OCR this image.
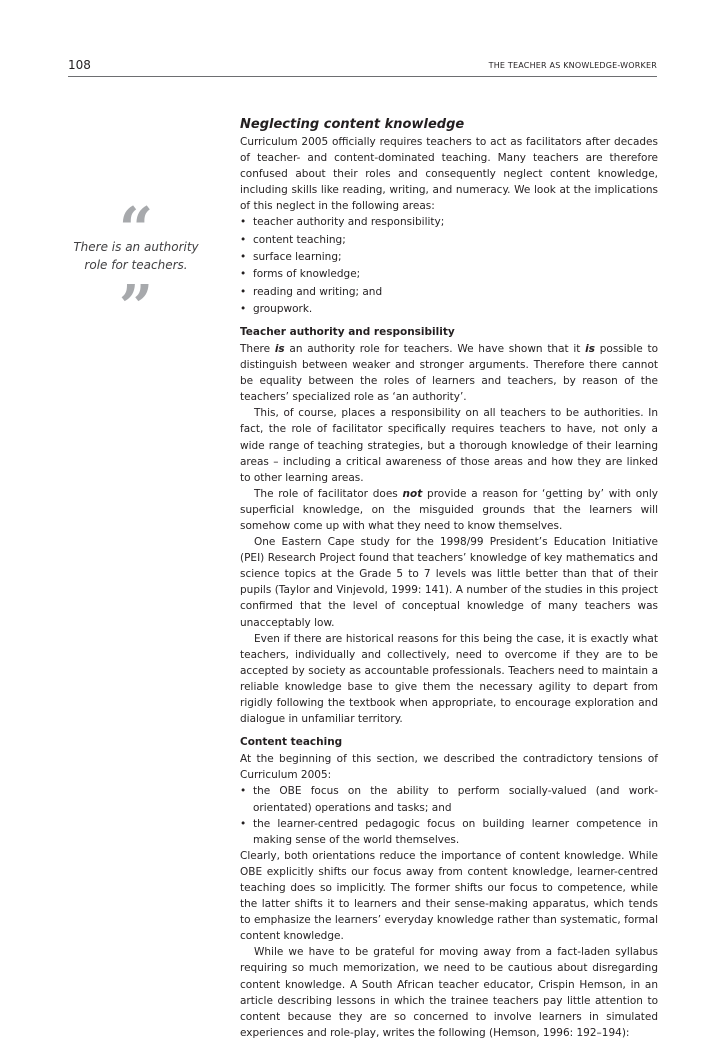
108	THE TEACHER AS KNOWLEDGE-WORKER
“
There is an authority role for teachers.
”
Neglecting content knowledge

Curriculum 2005 officially requires teachers to act as facilitators after decades of teacher- and content-dominated teaching. Many teachers are therefore confused about their roles and consequently neglect content knowledge, including skills like reading, writing, and numeracy. We look at the implications of this neglect in the following areas:

• teacher authority and responsibility;
• content teaching;
• surface learning;
• forms of knowledge;
• reading and writing; and
• groupwork.
Teacher authority and responsibility

There is an authority role for teachers. We have shown that it is possible to distinguish between weaker and stronger arguments. Therefore there cannot be equality between the roles of learners and teachers, by reason of the teachers’ specialized role as ‘an authority’.

This, of course, places a responsibility on all teachers to be authorities. In fact, the role of facilitator specifically requires teachers to have, not only a wide range of teaching strategies, but a thorough knowledge of their learning areas – including a critical awareness of those areas and how they are linked to other learning areas.

The role of facilitator does not provide a reason for ‘getting by’ with only superficial knowledge, on the misguided grounds that the learners will somehow come up with what they need to know themselves.

One Eastern Cape study for the 1998/99 President’s Education Initiative (PEI) Research Project found that teachers’ knowledge of key mathematics and science topics at the Grade 5 to 7 levels was little better than that of their pupils (Taylor and Vinjevold, 1999: 141). A number of the studies in this project confirmed that the level of conceptual knowledge of many teachers was unacceptably low.

Even if there are historical reasons for this being the case, it is exactly what teachers, individually and collectively, need to overcome if they are to be accepted by society as accountable professionals. Teachers need to maintain a reliable knowledge base to give them the necessary agility to depart from rigidly following the textbook when appropriate, to encourage exploration and dialogue in unfamiliar territory.

Content teaching

At the beginning of this section, we described the contradictory tensions of Curriculum 2005:

• the OBE focus on the ability to perform socially-valued (and work-orientated) operations and tasks; and
• the learner-centred pedagogic focus on building learner competence in making sense of the world themselves.

Clearly, both orientations reduce the importance of content knowledge. While OBE explicitly shifts our focus away from content knowledge, learner-centred teaching does so implicitly. The former shifts our focus to competence, while the latter shifts it to learners and their sense-making apparatus, which tends to emphasize the learners’ everyday knowledge rather than systematic, formal content knowledge.

While we have to be grateful for moving away from a fact-laden syllabus requiring so much memorization, we need to be cautious about disregarding content knowledge. A South African teacher educator, Crispin Hemson, in an article describing lessons in which the trainee teachers pay little attention to content because they are so concerned to involve learners in simulated experiences and role-play, writes the following (Hemson, 1996: 192–194):
